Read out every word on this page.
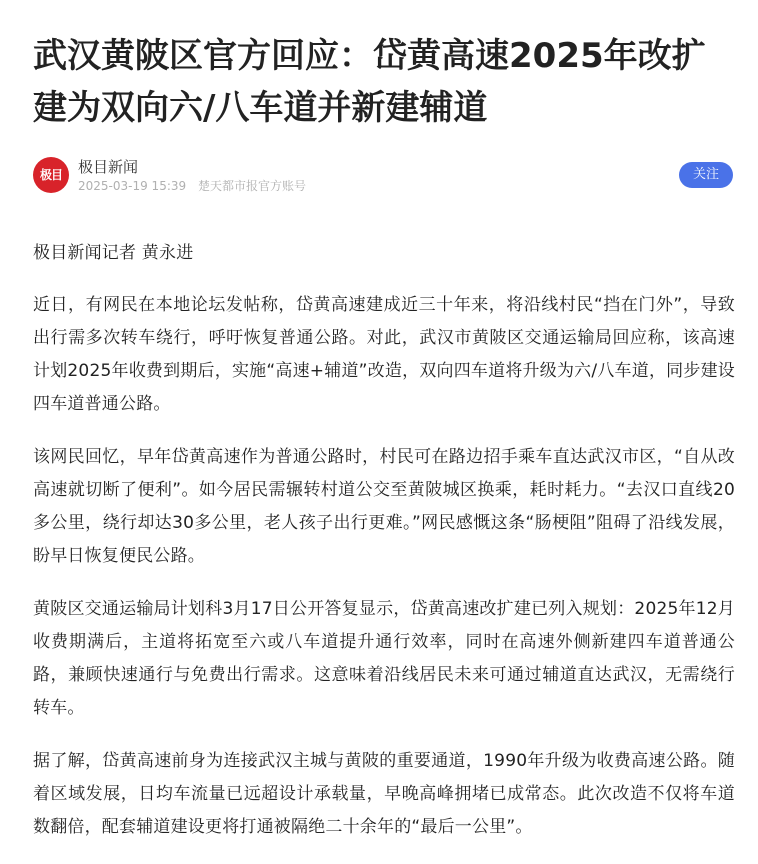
武汉黄陂区官方回应：岱黄高速2025年改扩建为双向六/八车道并新建辅道
极目	极目新闻
2025-03-19 15:39 楚天都市报官方账号
关注

极目新闻记者 黄永进

近日，有网民在本地论坛发帖称，岱黄高速建成近三十年来，将沿线村民“挡在门外”，导致出行需多次转车绕行，呼吁恢复普通公路。对此，武汉市黄陂区交通运输局回应称，该高速计划2025年收费到期后，实施“高速+辅道”改造，双向四车道将升级为六/八车道，同步建设四车道普通公路。

该网民回忆，早年岱黄高速作为普通公路时，村民可在路边招手乘车直达武汉市区，“自从改高速就切断了便利”。如今居民需辗转村道公交至黄陂城区换乘，耗时耗力。“去汉口直线20多公里，绕行却达30多公里，老人孩子出行更难。”网民感慨这条“肠梗阻”阻碍了沿线发展，盼早日恢复便民公路。

黄陂区交通运输局计划科3月17日公开答复显示，岱黄高速改扩建已列入规划：2025年12月收费期满后，主道将拓宽至六或八车道提升通行效率，同时在高速外侧新建四车道普通公路，兼顾快速通行与免费出行需求。这意味着沿线居民未来可通过辅道直达武汉，无需绕行转车。

据了解，岱黄高速前身为连接武汉主城与黄陂的重要通道，1990年升级为收费高速公路。随着区域发展，日均车流量已远超设计承载量，早晚高峰拥堵已成常态。此次改造不仅将车道数翻倍，配套辅道建设更将打通被隔绝二十余年的“最后一公里”。
